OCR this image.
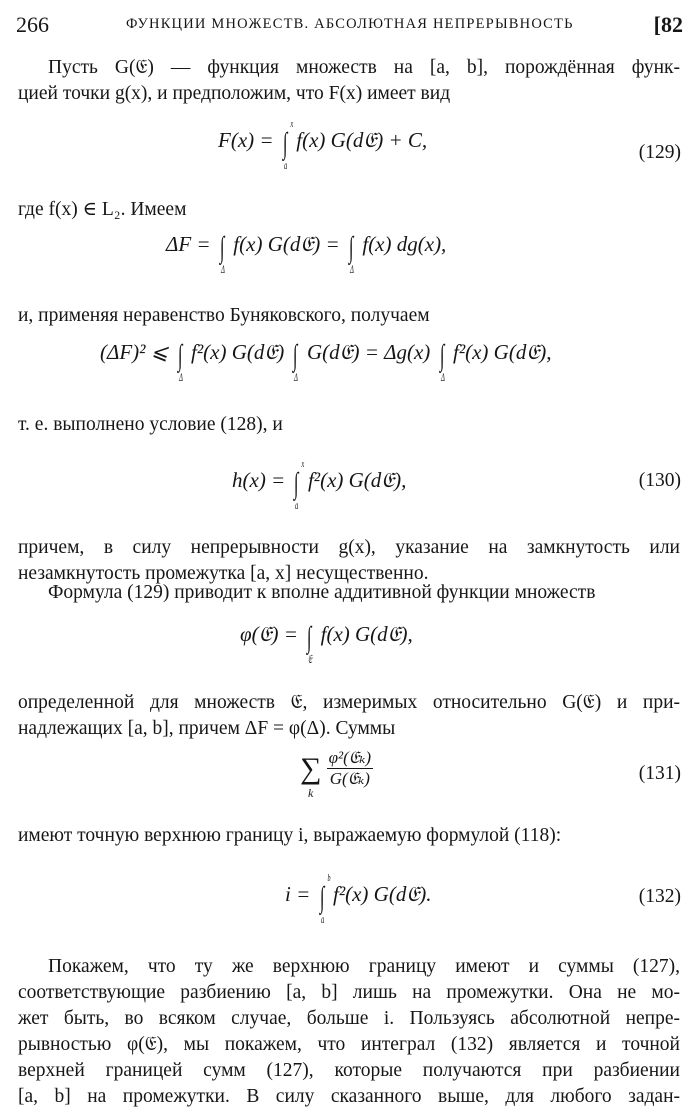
266	ФУНКЦИИ МНОЖЕСТВ. АБСОЛЮТНАЯ НЕПРЕРЫВНОСТЬ	[82
Пусть G(𝔈) — функция множеств на [a, b], порождённая функ-
цией точки g(x), и предположим, что F(x) имеет вид
F(x) = ∫
x
a
f(x) G(d𝔈) + C,
(129)
где f(x) ∈ L₂. Имеем
ΔF = ∫
Δ
f(x) G(d𝔈) = ∫
Δ
f(x) dg(x),
и, применяя неравенство Буняковского, получаем
(ΔF)² ⩽ ∫
Δ
f²(x) G(d𝔈) ∫
Δ
G(d𝔈) = Δg(x) ∫
Δ
f²(x) G(d𝔈),
т. е. выполнено условие (128), и
h(x) = ∫
x
a
f²(x) G(d𝔈),	(130)
причем, в силу непрерывности g(x), указание на замкнутость или
незамкнутость промежутка [a, x] несущественно.
Формула (129) приводит к вполне аддитивной функции множеств
φ(𝔈) = ∫
𝔈
f(x) G(d𝔈),
определенной для множеств 𝔈, измеримых относительно G(𝔈) и при-
надлежащих [a, b], причем ΔF = φ(Δ). Суммы
∑
k

$\frac{\text{φ²(𝔈ₖ)}}{\text{G(𝔈ₖ)}}$	(131)
имеют точную верхнюю границу i, выражаемую формулой (118):
i = ∫
b
a
f²(x) G(d𝔈).	(132)
Покажем, что ту же верхнюю границу имеют и суммы (127),
соответствующие разбиению [a, b] лишь на промежутки. Она не мо-
жет быть, во всяком случае, больше i. Пользуясь абсолютной непре-
рывностью φ(𝔈), мы покажем, что интеграл (132) является и точной
верхней границей сумм (127), которые получаются при разбиении
[a, b] на промежутки. В силу сказанного выше, для любого задан-
